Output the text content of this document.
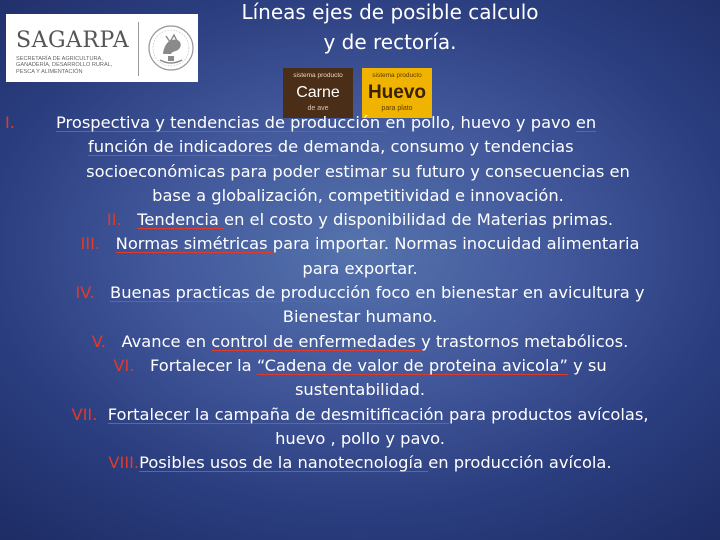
SAGARPA
SECRETARÍA DE AGRICULTURA, GANADERÍA, DESARROLLO RURAL, PESCA Y ALIMENTACIÓN
Líneas ejes de posible calculo
y de rectoría.
sistema producto
Carne
de ave
sistema producto
Huevo
para plato
I.	Prospectiva y tendencias de producción en pollo, huevo y pavo en
función de indicadores de demanda, consumo y tendencias
socioeconómicas para poder estimar su futuro y consecuencias en
base a globalización, competitividad e innovación.
II. Tendencia en el costo y disponibilidad de Materias primas.
III. Normas simétricas para importar. Normas inocuidad alimentaria
para exportar.
IV. Buenas practicas de producción foco en bienestar en avicultura y
Bienestar humano.
V. Avance en control de enfermedades y trastornos metabólicos.
VI. Fortalecer la “Cadena de valor de proteina avicola” y su
sustentabilidad.
VII. Fortalecer la campaña de desmitificación para productos avícolas,
huevo , pollo y pavo.
VIII.Posibles usos de la nanotecnología en producción avícola.
